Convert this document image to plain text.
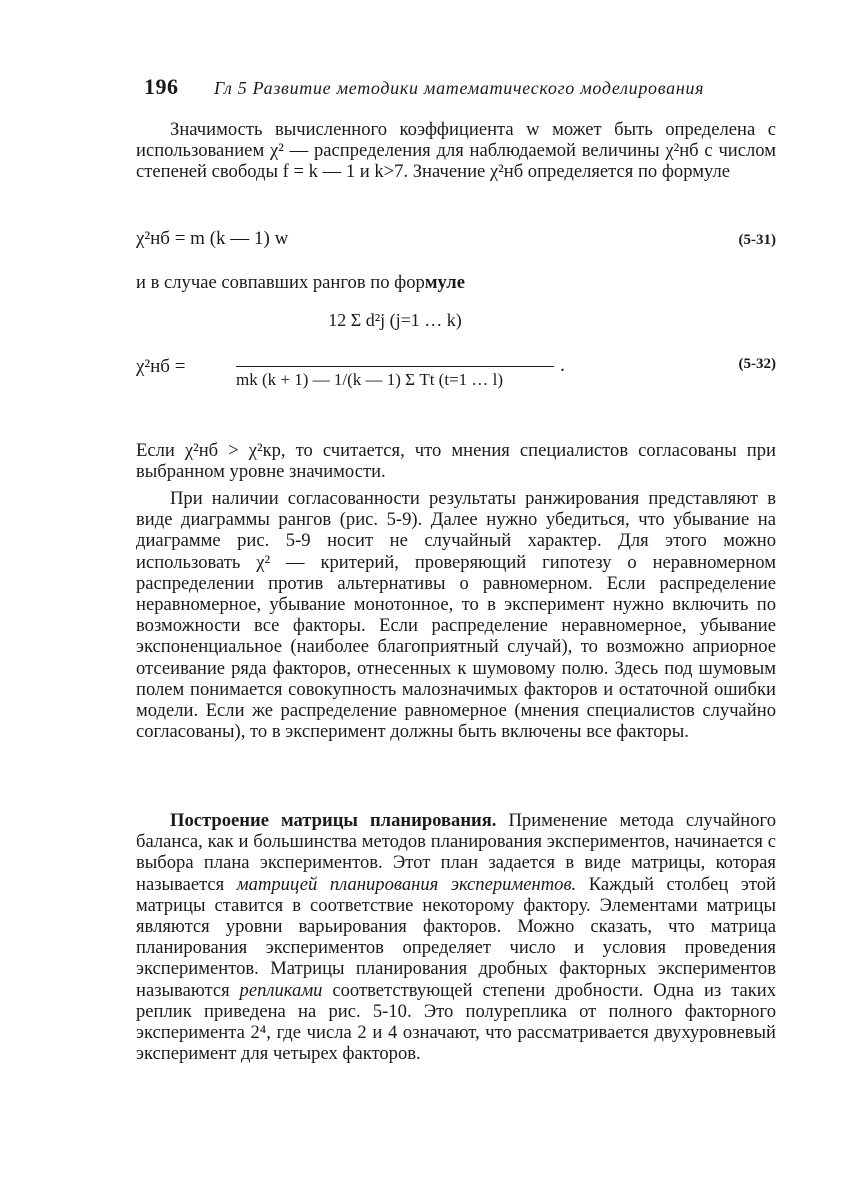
196 Гл 5 Развитие методики математического моделирования
Значимость вычисленного коэффициента w может быть определена с использованием χ² — распределения для наблюдаемой величины χ²нб с числом степеней свободы f = k — 1 и k>7. Значение χ²нб определяется по формуле
χ²нб = m (k — 1) w	(5-31)
и в случае совпавших рангов по формуле
χ²нб =
12 Σ d²j (j=1 … k)
mk (k + 1) — 1/(k — 1) Σ Tt (t=1 … l)
.	(5-32)
Если χ²нб > χ²кр, то считается, что мнения специалистов согласованы при выбранном уровне значимости.
При наличии согласованности результаты ранжирования представляют в виде диаграммы рангов (рис. 5-9). Далее нужно убедиться, что убывание на диаграмме рис. 5-9 носит не случайный характер. Для этого можно использовать χ² — критерий, проверяющий гипотезу о неравномерном распределении против альтернативы о равномерном. Если распределение неравномерное, убывание монотонное, то в эксперимент нужно включить по возможности все факторы. Если распределение неравномерное, убывание экспоненциальное (наиболее благоприятный случай), то возможно априорное отсеивание ряда факторов, отнесенных к шумовому полю. Здесь под шумовым полем понимается совокупность малозначимых факторов и остаточной ошибки модели. Если же распределение равномерное (мнения специалистов случайно согласованы), то в эксперимент должны быть включены все факторы.
Построение матрицы планирования. Применение метода случайного баланса, как и большинства методов планирования экспериментов, начинается с выбора плана экспериментов. Этот план задается в виде матрицы, которая называется матрицей планирования экспериментов. Каждый столбец этой матрицы ставится в соответствие некоторому фактору. Элементами матрицы являются уровни варьирования факторов. Можно сказать, что матрица планирования экспериментов определяет число и условия проведения экспериментов. Матрицы планирования дробных факторных экспериментов называются репликами соответствующей степени дробности. Одна из таких реплик приведена на рис. 5-10. Это полуреплика от полного факторного эксперимента 2⁴, где числа 2 и 4 означают, что рассматривается двухуровневый эксперимент для четырех факторов.
